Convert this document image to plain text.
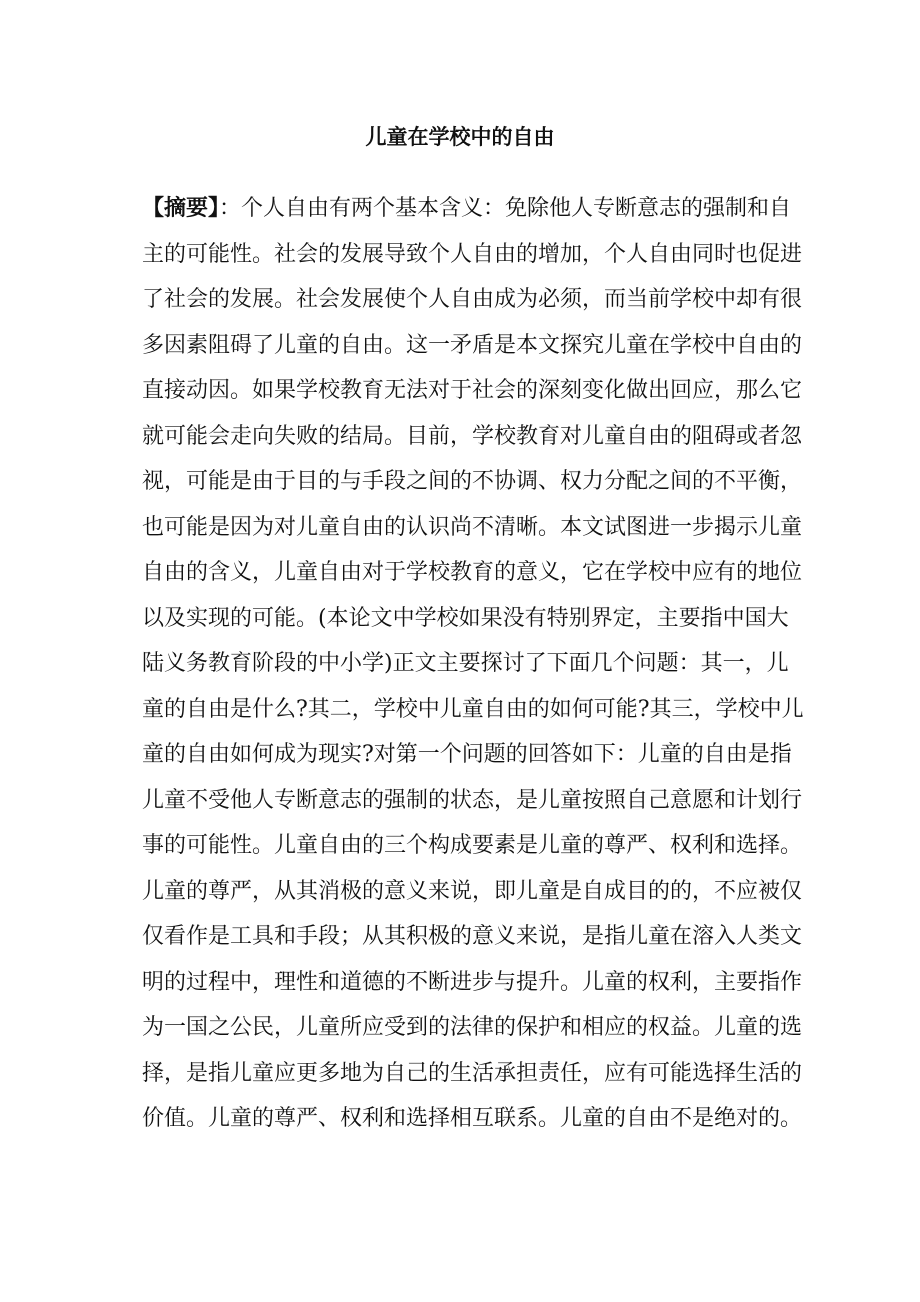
儿童在学校中的自由
【摘要】：个人自由有两个基本含义：免除他人专断意志的强制和自
主的可能性。社会的发展导致个人自由的增加，个人自由同时也促进
了社会的发展。社会发展使个人自由成为必须，而当前学校中却有很
多因素阻碍了儿童的自由。这一矛盾是本文探究儿童在学校中自由的
直接动因。如果学校教育无法对于社会的深刻变化做出回应，那么它
就可能会走向失败的结局。目前，学校教育对儿童自由的阻碍或者忽
视，可能是由于目的与手段之间的不协调、权力分配之间的不平衡，
也可能是因为对儿童自由的认识尚不清晰。本文试图进一步揭示儿童
自由的含义，儿童自由对于学校教育的意义，它在学校中应有的地位
以及实现的可能。(本论文中学校如果没有特别界定，主要指中国大
陆义务教育阶段的中小学)正文主要探讨了下面几个问题：其一，儿
童的自由是什么?其二，学校中儿童自由的如何可能?其三，学校中儿
童的自由如何成为现实?对第一个问题的回答如下：儿童的自由是指
儿童不受他人专断意志的强制的状态，是儿童按照自己意愿和计划行
事的可能性。儿童自由的三个构成要素是儿童的尊严、权利和选择。
儿童的尊严，从其消极的意义来说，即儿童是自成目的的，不应被仅
仅看作是工具和手段；从其积极的意义来说，是指儿童在溶入人类文
明的过程中，理性和道德的不断进步与提升。儿童的权利，主要指作
为一国之公民，儿童所应受到的法律的保护和相应的权益。儿童的选
择，是指儿童应更多地为自己的生活承担责任，应有可能选择生活的
价值。儿童的尊严、权利和选择相互联系。儿童的自由不是绝对的。
